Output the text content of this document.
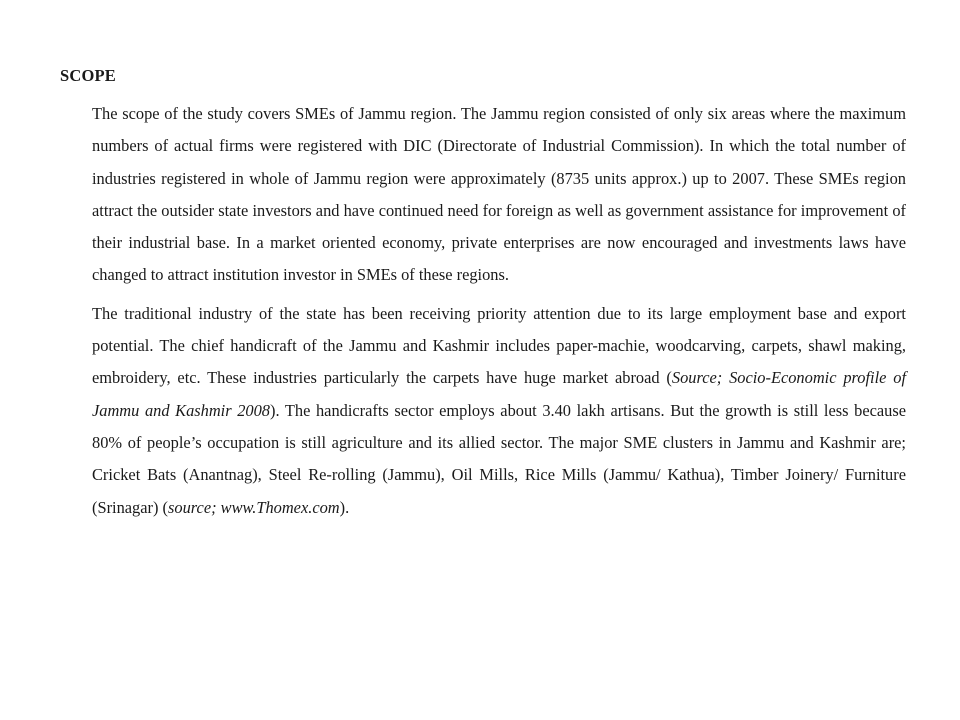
SCOPE

The scope of the study covers SMEs of Jammu region. The Jammu region consisted of only six areas where the maximum numbers of actual firms were registered with DIC (Directorate of Industrial Commission). In which the total number of industries registered in whole of Jammu region were approximately (8735 units approx.) up to 2007. These SMEs region attract the outsider state investors and have continued need for foreign as well as government assistance for improvement of their industrial base. In a market oriented economy, private enterprises are now encouraged and investments laws have changed to attract institution investor in SMEs of these regions.

The traditional industry of the state has been receiving priority attention due to its large employment base and export potential. The chief handicraft of the Jammu and Kashmir includes paper-machie, woodcarving, carpets, shawl making, embroidery, etc. These industries particularly the carpets have huge market abroad (Source; Socio-Economic profile of Jammu and Kashmir 2008). The handicrafts sector employs about 3.40 lakh artisans. But the growth is still less because 80% of people’s occupation is still agriculture and its allied sector. The major SME clusters in Jammu and Kashmir are; Cricket Bats (Anantnag), Steel Re-rolling (Jammu), Oil Mills, Rice Mills (Jammu/ Kathua), Timber Joinery/ Furniture (Srinagar) (source; www.Thomex.com).
